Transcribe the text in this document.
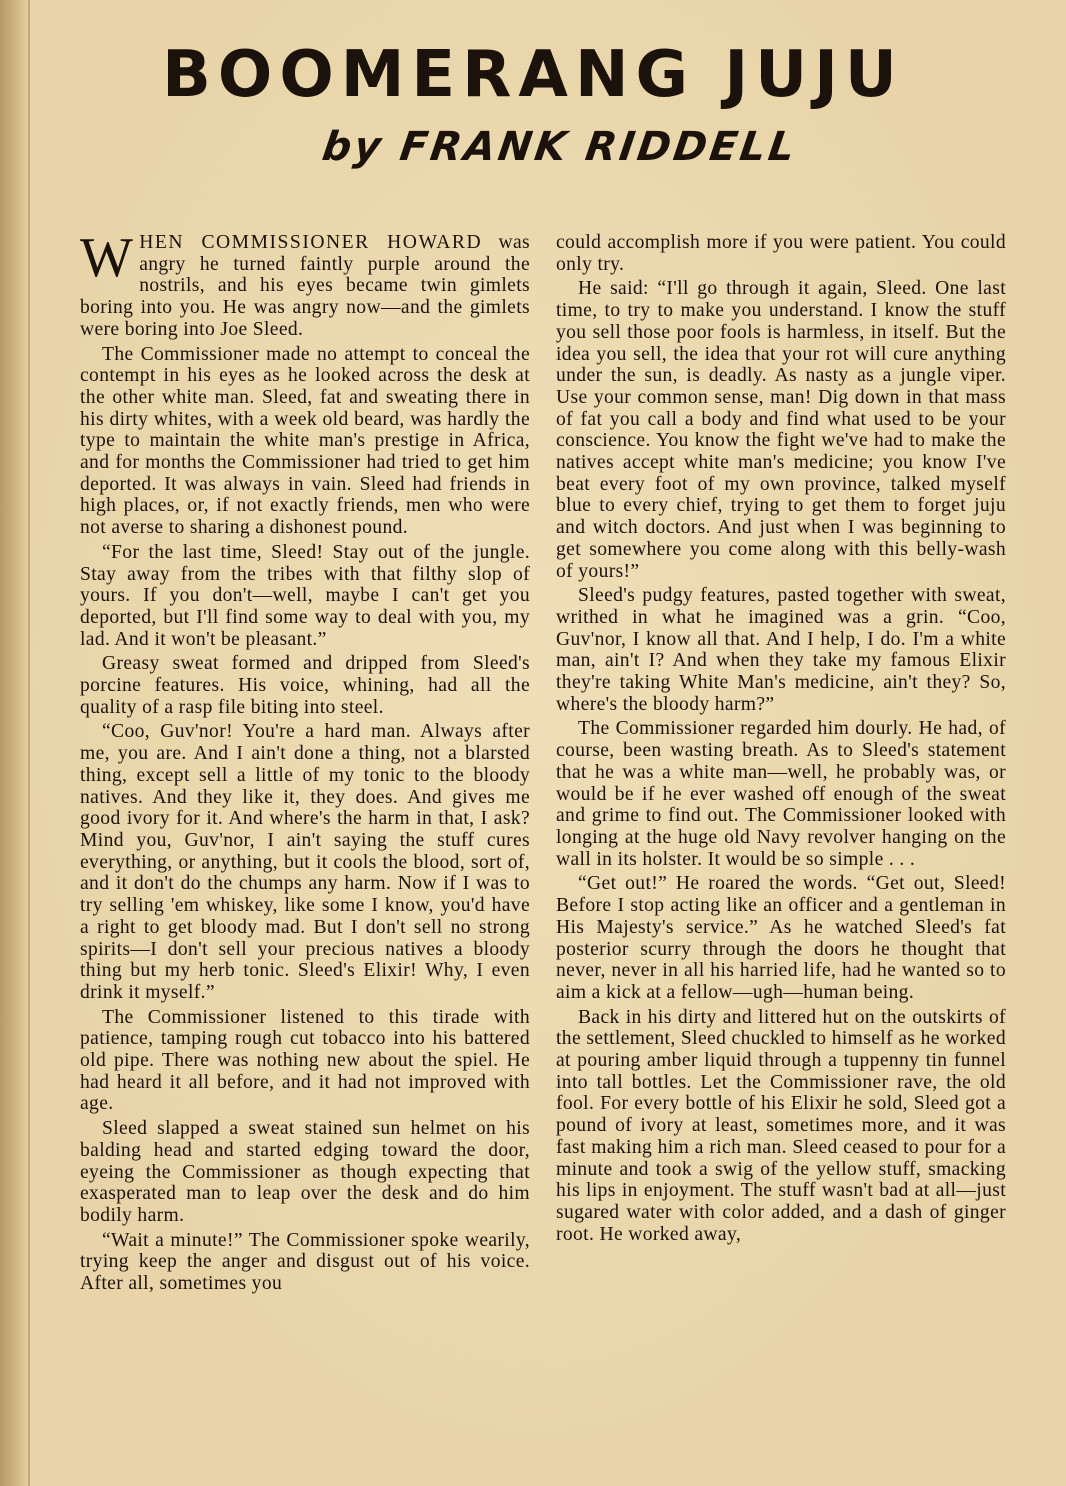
BOOMERANG JUJU
by FRANK RIDDELL

WHEN COMMISSIONER HOWARD was angry he turned faintly purple around the nostrils, and his eyes became twin gimlets boring into you. He was angry now—and the gimlets were boring into Joe Sleed.

The Commissioner made no attempt to conceal the contempt in his eyes as he looked across the desk at the other white man. Sleed, fat and sweating there in his dirty whites, with a week old beard, was hardly the type to maintain the white man's prestige in Africa, and for months the Commissioner had tried to get him deported. It was always in vain. Sleed had friends in high places, or, if not exactly friends, men who were not averse to sharing a dishonest pound.

“For the last time, Sleed! Stay out of the jungle. Stay away from the tribes with that filthy slop of yours. If you don't—well, maybe I can't get you deported, but I'll find some way to deal with you, my lad. And it won't be pleasant.”

Greasy sweat formed and dripped from Sleed's porcine features. His voice, whining, had all the quality of a rasp file biting into steel.

“Coo, Guv'nor! You're a hard man. Always after me, you are. And I ain't done a thing, not a blarsted thing, except sell a little of my tonic to the bloody natives. And they like it, they does. And gives me good ivory for it. And where's the harm in that, I ask? Mind you, Guv'nor, I ain't saying the stuff cures everything, or anything, but it cools the blood, sort of, and it don't do the chumps any harm. Now if I was to try selling 'em whiskey, like some I know, you'd have a right to get bloody mad. But I don't sell no strong spirits—I don't sell your precious natives a bloody thing but my herb tonic. Sleed's Elixir! Why, I even drink it myself.”

The Commissioner listened to this tirade with patience, tamping rough cut tobacco into his battered old pipe. There was nothing new about the spiel. He had heard it all before, and it had not improved with age.

Sleed slapped a sweat stained sun helmet on his balding head and started edging toward the door, eyeing the Commissioner as though expecting that exasperated man to leap over the desk and do him bodily harm.

“Wait a minute!” The Commissioner spoke wearily, trying keep the anger and disgust out of his voice. After all, sometimes you

could accomplish more if you were patient. You could only try.

He said: “I'll go through it again, Sleed. One last time, to try to make you understand. I know the stuff you sell those poor fools is harmless, in itself. But the idea you sell, the idea that your rot will cure anything under the sun, is deadly. As nasty as a jungle viper. Use your common sense, man! Dig down in that mass of fat you call a body and find what used to be your conscience. You know the fight we've had to make the natives accept white man's medicine; you know I've beat every foot of my own province, talked myself blue to every chief, trying to get them to forget juju and witch doctors. And just when I was beginning to get somewhere you come along with this belly-wash of yours!”

Sleed's pudgy features, pasted together with sweat, writhed in what he imagined was a grin. “Coo, Guv'nor, I know all that. And I help, I do. I'm a white man, ain't I? And when they take my famous Elixir they're taking White Man's medicine, ain't they? So, where's the bloody harm?”

The Commissioner regarded him dourly. He had, of course, been wasting breath. As to Sleed's statement that he was a white man—well, he probably was, or would be if he ever washed off enough of the sweat and grime to find out. The Commissioner looked with longing at the huge old Navy revolver hanging on the wall in its holster. It would be so simple . . .

“Get out!” He roared the words. “Get out, Sleed! Before I stop acting like an officer and a gentleman in His Majesty's service.” As he watched Sleed's fat posterior scurry through the doors he thought that never, never in all his harried life, had he wanted so to aim a kick at a fellow—ugh—human being.

Back in his dirty and littered hut on the outskirts of the settlement, Sleed chuckled to himself as he worked at pouring amber liquid through a tuppenny tin funnel into tall bottles. Let the Commissioner rave, the old fool. For every bottle of his Elixir he sold, Sleed got a pound of ivory at least, sometimes more, and it was fast making him a rich man. Sleed ceased to pour for a minute and took a swig of the yellow stuff, smacking his lips in enjoyment. The stuff wasn't bad at all—just sugared water with color added, and a dash of ginger root. He worked away,
